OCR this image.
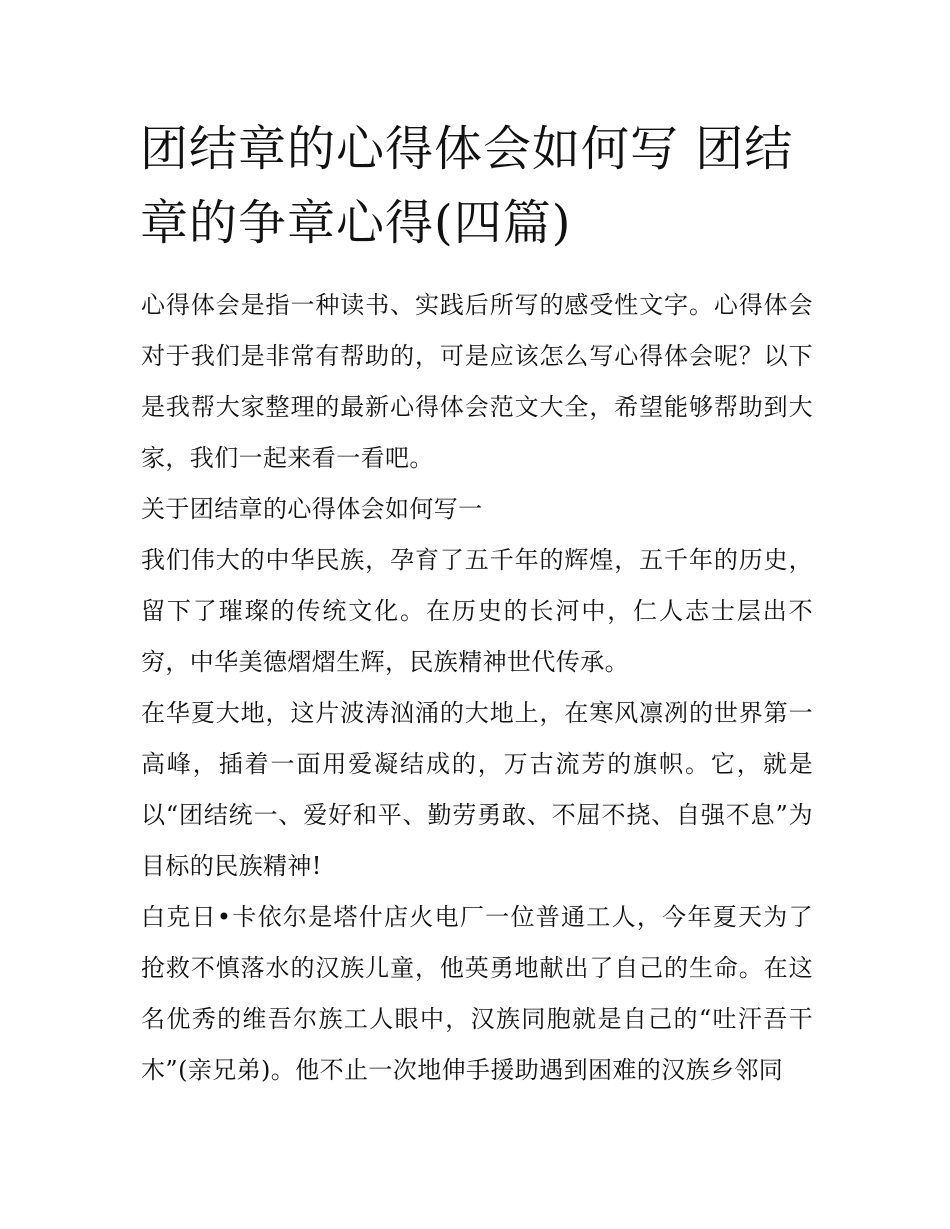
团结章的心得体会如何写 团结章的争章心得(四篇)

心得体会是指一种读书、实践后所写的感受性文字。心得体会对于我们是非常有帮助的，可是应该怎么写心得体会呢？以下是我帮大家整理的最新心得体会范文大全，希望能够帮助到大家，我们一起来看一看吧。

关于团结章的心得体会如何写一

我们伟大的中华民族，孕育了五千年的辉煌，五千年的历史，留下了璀璨的传统文化。在历史的长河中，仁人志士层出不穷，中华美德熠熠生辉，民族精神世代传承。

在华夏大地，这片波涛汹涌的大地上，在寒风凛冽的世界第一高峰，插着一面用爱凝结成的，万古流芳的旗帜。它，就是以“团结统一、爱好和平、勤劳勇敢、不屈不挠、自强不息”为目标的民族精神!

白克日•卡依尔是塔什店火电厂一位普通工人，今年夏天为了抢救不慎落水的汉族儿童，他英勇地献出了自己的生命。在这名优秀的维吾尔族工人眼中，汉族同胞就是自己的“吐汗吾干木”(亲兄弟)。他不止一次地伸手援助遇到困难的汉族乡邻同
